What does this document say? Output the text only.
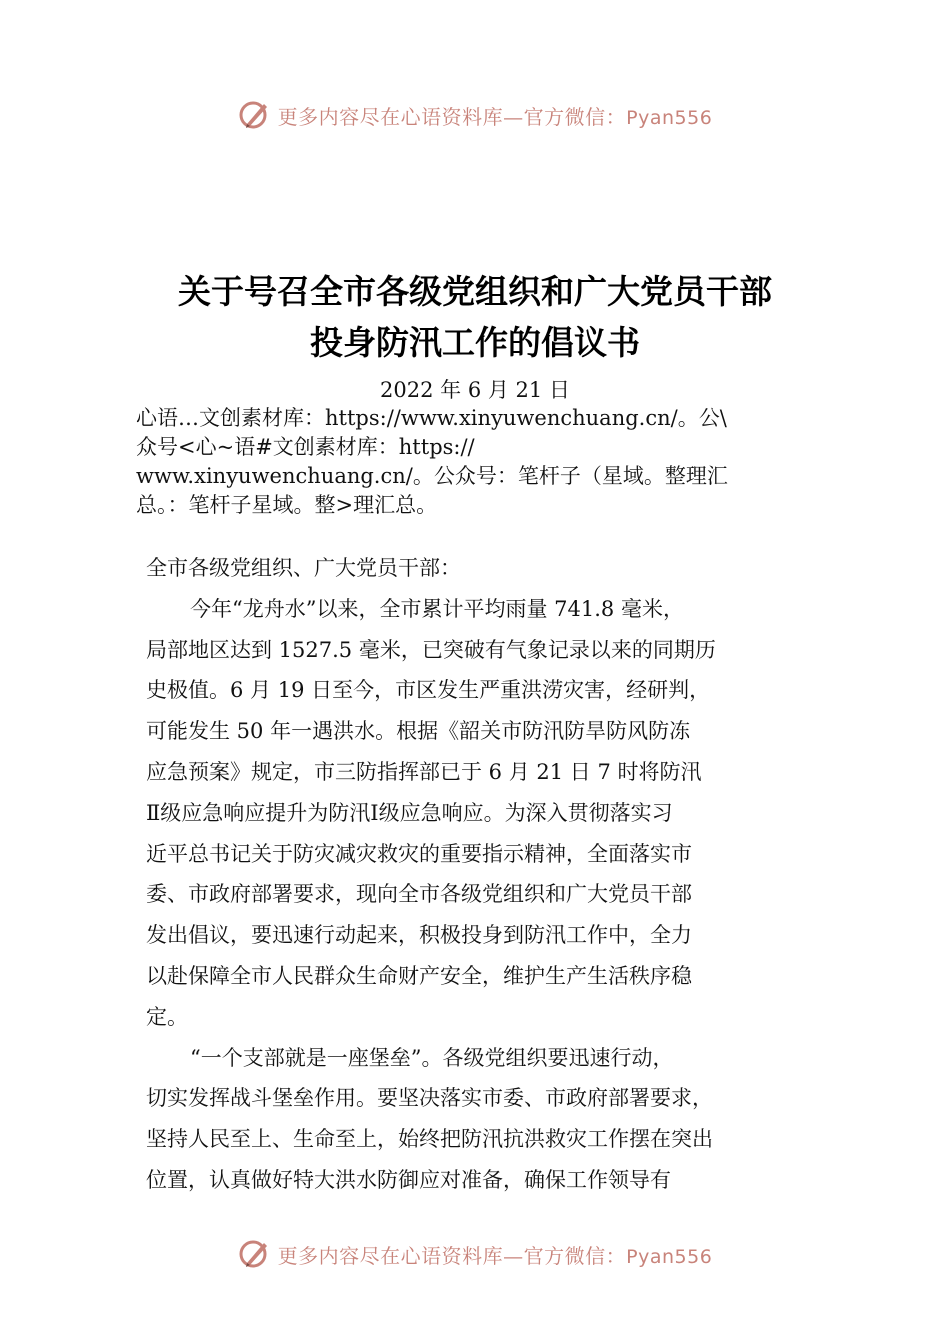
更多内容尽在心语资料库—官方微信：Pyan556
关于号召全市各级党组织和广大党员干部
投身防汛工作的倡议书
2022 年 6 月 21 日
心语…文创素材库：https://www.xinyuwenchuang.cn/。公\
众号<心~语#文创素材库：https://
www.xinyuwenchuang.cn/。公众号：笔杆子（星域。整理汇
总。：笔杆子星域。整>理汇总。
全市各级党组织、广大党员干部：
今年“龙舟水”以来，全市累计平均雨量 741.8 毫米，
局部地区达到 1527.5 毫米，已突破有气象记录以来的同期历
史极值。6 月 19 日至今，市区发生严重洪涝灾害，经研判，
可能发生 50 年一遇洪水。根据《韶关市防汛防旱防风防冻
应急预案》规定，市三防指挥部已于 6 月 21 日 7 时将防汛
Ⅱ级应急响应提升为防汛Ⅰ级应急响应。为深入贯彻落实习
近平总书记关于防灾减灾救灾的重要指示精神，全面落实市
委、市政府部署要求，现向全市各级党组织和广大党员干部
发出倡议，要迅速行动起来，积极投身到防汛工作中，全力
以赴保障全市人民群众生命财产安全，维护生产生活秩序稳
定。
“一个支部就是一座堡垒”。各级党组织要迅速行动，
切实发挥战斗堡垒作用。要坚决落实市委、市政府部署要求，
坚持人民至上、生命至上，始终把防汛抗洪救灾工作摆在突出
位置，认真做好特大洪水防御应对准备，确保工作领导有
更多内容尽在心语资料库—官方微信：Pyan556
